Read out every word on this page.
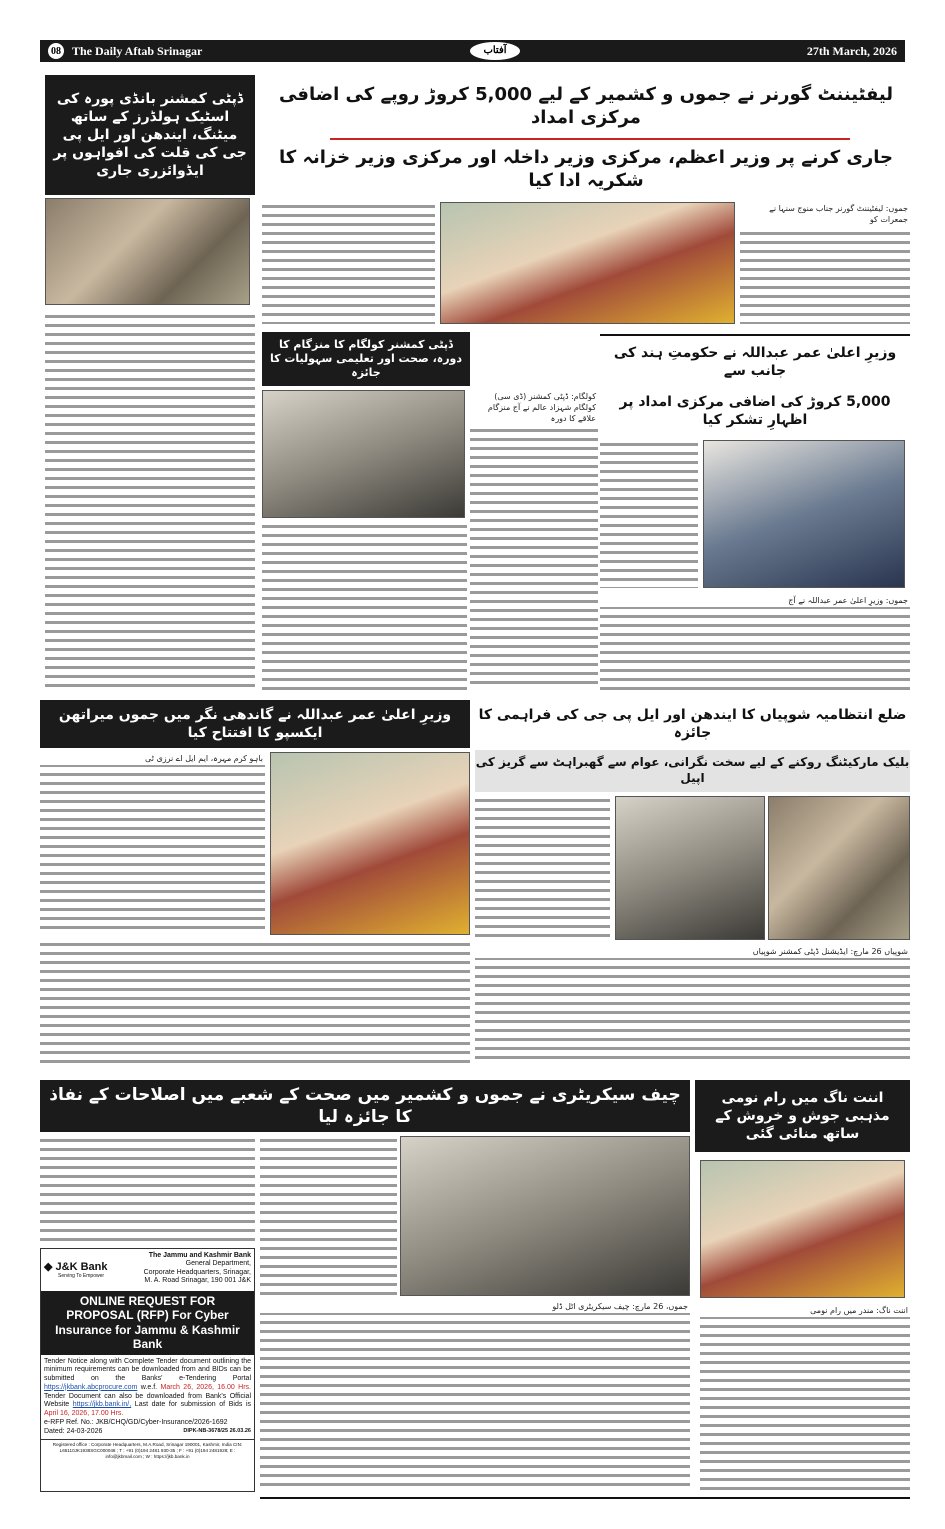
08 The Daily Aftab Srinagar	آفتاب	27th March, 2026
ڈپٹی کمشنر بانڈی پورہ کی اسٹیک ہولڈرز کے ساتھ میٹنگ، ایندھن اور ایل پی جی کی قلت کی افواہوں پر ایڈوائزری جاری
لیفٹیننٹ گورنر نے جموں و کشمیر کے لیے 5,000 کروڑ روپے کی اضافی مرکزی امداد
جاری کرنے پر وزیر اعظم، مرکزی وزیر داخلہ اور مرکزی وزیر خزانہ کا شکریہ ادا کیا
جموں: لیفٹیننٹ گورنر جناب منوج سنہا نے جمعرات کو
ڈپٹی کمشنر کولگام کا منزگام کا دورہ، صحت اور تعلیمی سہولیات کا جائزہ
کولگام: ڈپٹی کمشنر (ڈی سی) کولگام شہزاد عالم نے آج منزگام علاقے کا دورہ
وزیرِ اعلیٰ عمر عبداللہ نے حکومتِ ہند کی جانب سے
5,000 کروڑ کی اضافی مرکزی امداد پر اظہارِ تشکر کیا
جموں: وزیرِ اعلیٰ عمر عبداللہ نے آج
وزیرِ اعلیٰ عمر عبداللہ نے گاندھی نگر میں جموں میراتھن ایکسپو کا افتتاح کیا
باہو کرم مہرہ، ایم ایل اے نرزی ٹی
ضلع انتظامیہ شوپیاں کا ایندھن اور ایل پی جی کی فراہمی کا جائزہ
بلیک مارکیٹنگ روکنے کے لیے سخت نگرانی، عوام سے گھبراہٹ سے گریز کی اپیل
شوپیاں 26 مارچ: ایڈیشنل ڈپٹی کمشنر شوپیاں
چیف سیکریٹری نے جموں و کشمیر میں صحت کے شعبے میں اصلاحات کے نفاذ کا جائزہ لیا
جموں، 26 مارچ: چیف سیکریٹری اٹل ڈلو
اننت ناگ میں رام نومی مذہبی جوش و خروش کے ساتھ منائی گئی
اننت ناگ: مندر میں رام نومی
◆ J&K Bank
Serving To Empower
The Jammu and Kashmir Bank
General Department,
Corporate Headquarters, Srinagar,
M. A. Road Srinagar, 190 001 J&K
ONLINE REQUEST FOR PROPOSAL (RFP) For Cyber Insurance for Jammu & Kashmir Bank
Tender Notice along with Complete Tender document outlining the minimum requirements can be downloaded from and BIDs can be submitted on the Banks' e-Tendering Portal https://jkbank.abcprocure.com w.e.f. March 26, 2026, 16.00 Hrs. Tender Document can also be downloaded from Bank's Official Website https://jkb.bank.in/, Last date for submission of Bids is April 16, 2026, 17.00 Hrs.
e-RFP Ref. No.: JKB/CHQ/GD/Cyber-Insurance/2026-1692
Dated: 24-03-2026	DIPK-NB-3678/25 26.03.26
Registered office : Corporate Headquarters, M.A.Road, Srinagar 190001, Kashmir, India CIN: L65110JK1938SGC000048 ; T : +91 (0)194 2481 930-35 ; F : +91 (0)194 2481928; E : info@jkbmail.com ; W : https://jkb.bank.in
